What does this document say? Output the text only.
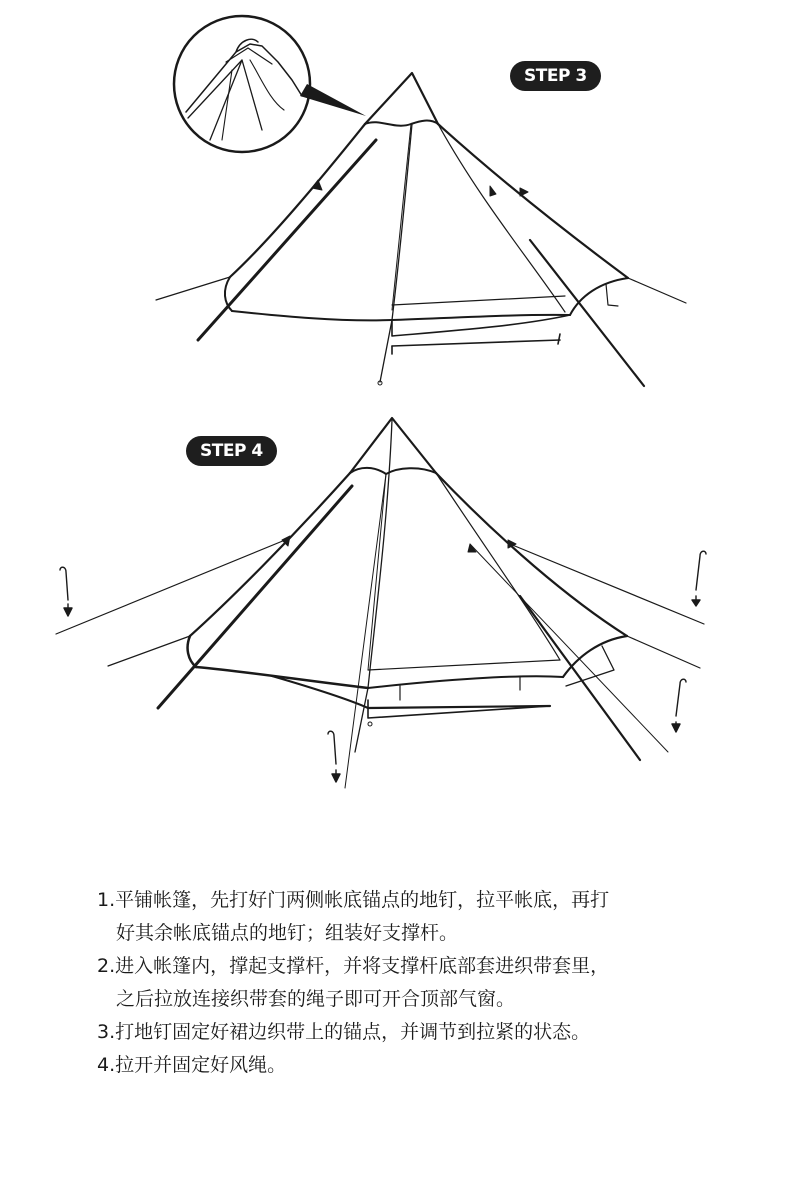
STEP 3
STEP 4
1.平铺帐篷，先打好门两侧帐底锚点的地钉，拉平帐底，再打
好其余帐底锚点的地钉；组装好支撑杆。
2.进入帐篷内，撑起支撑杆，并将支撑杆底部套进织带套里，
之后拉放连接织带套的绳子即可开合顶部气窗。
3.打地钉固定好裙边织带上的锚点，并调节到拉紧的状态。
4.拉开并固定好风绳。
